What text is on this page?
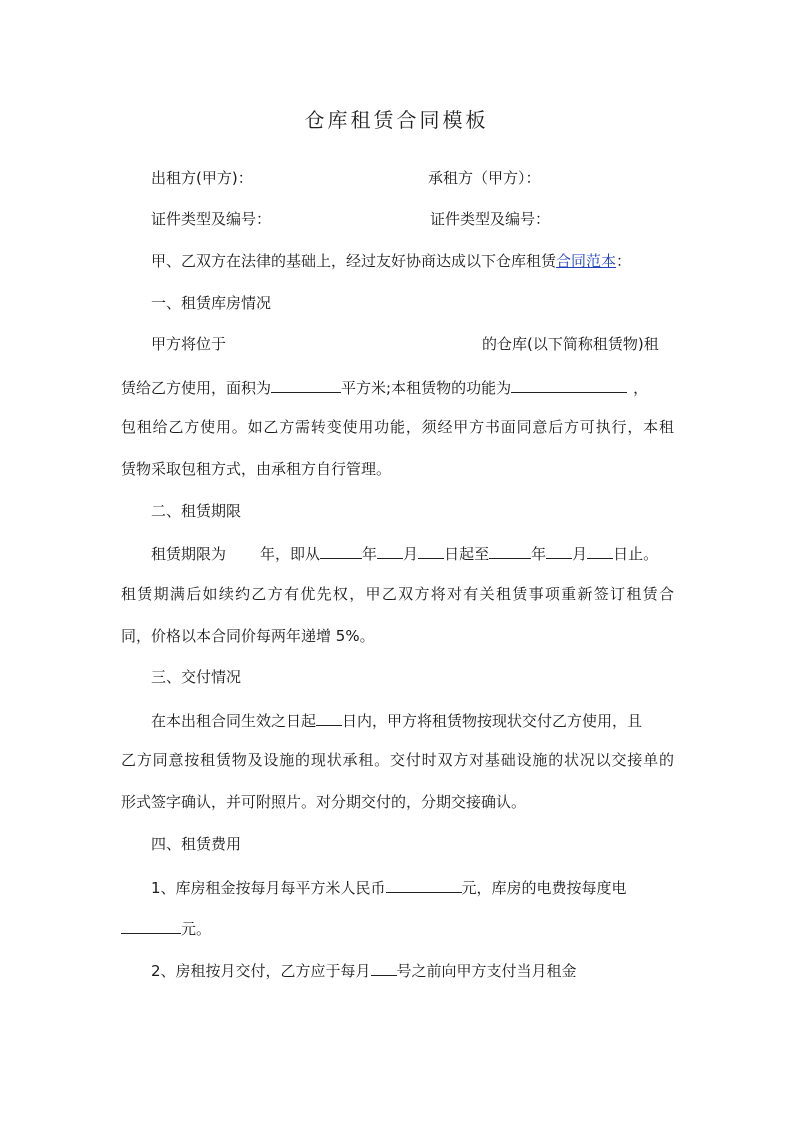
仓库租赁合同模板
出租方(甲方)：	承租方（甲方）：
证件类型及编号：	证件类型及编号：
甲、乙双方在法律的基础上，经过友好协商达成以下仓库租赁合同范本：
一、租赁库房情况
甲方将位于	的仓库(以下简称租赁物)租
赁给乙方使用，面积为	平方米;本租赁物的功能为	，
包租给乙方使用。如乙方需转变使用功能，须经甲方书面同意后方可执行，本租
赁物采取包租方式，由承租方自行管理。
二、租赁期限
租赁期限为 年，即从	年 月 日起至	年 月 日止。
租赁期满后如续约乙方有优先权，甲乙双方将对有关租赁事项重新签订租赁合
同，价格以本合同价每两年递增 5%。
三、交付情况
在本出租合同生效之日起 日内，甲方将租赁物按现状交付乙方使用，且
乙方同意按租赁物及设施的现状承租。交付时双方对基础设施的状况以交接单的
形式签字确认，并可附照片。对分期交付的，分期交接确认。
四、租赁费用
1、库房租金按每月每平方米人民币	元，库房的电费按每度电
元。
2、房租按月交付，乙方应于每月 号之前向甲方支付当月租金
